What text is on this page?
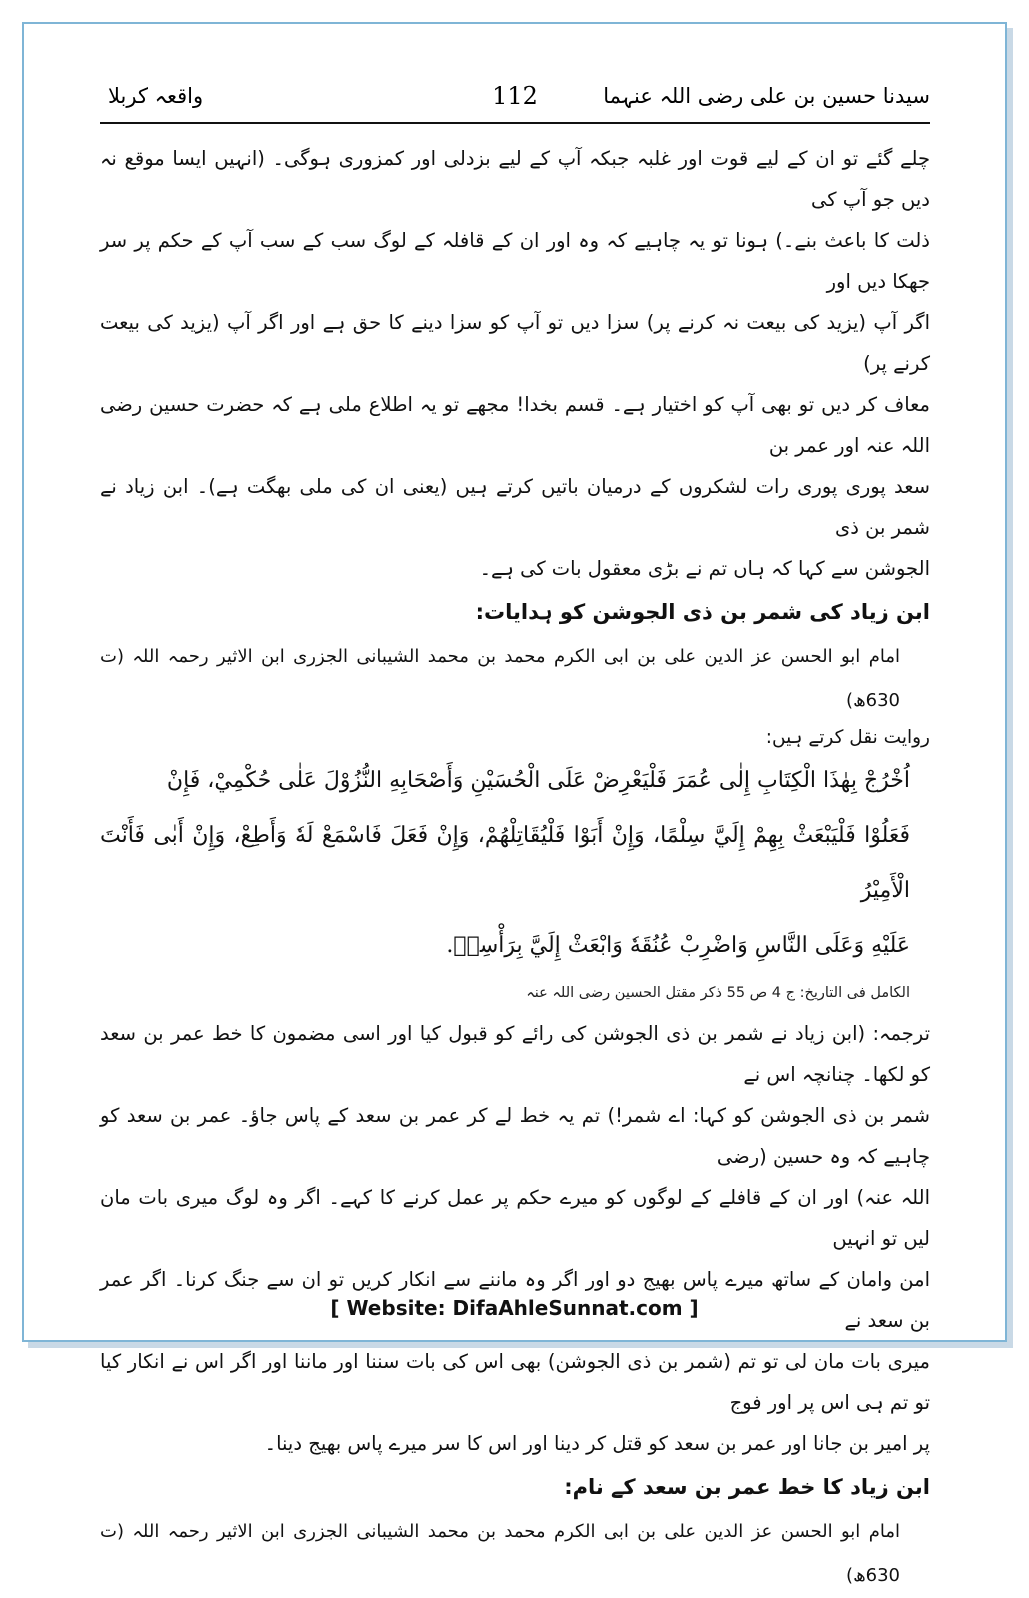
سیدنا حسین بن علی رضی اللہ عنہما
112
واقعہ کربلا

چلے گئے تو ان کے لیے قوت اور غلبہ جبکہ آپ کے لیے بزدلی اور کمزوری ہوگی۔ (انہیں ایسا موقع نہ دیں جو آپ کی

ذلت کا باعث بنے۔) ہونا تو یہ چاہیے کہ وہ اور ان کے قافلہ کے لوگ سب کے سب آپ کے حکم پر سر جھکا دیں اور

اگر آپ (یزید کی بیعت نہ کرنے پر) سزا دیں تو آپ کو سزا دینے کا حق ہے اور اگر آپ (یزید کی بیعت کرنے پر)

معاف کر دیں تو بھی آپ کو اختیار ہے۔ قسم بخدا! مجھے تو یہ اطلاع ملی ہے کہ حضرت حسین رضی اللہ عنہ اور عمر بن

سعد پوری پوری رات لشکروں کے درمیان باتیں کرتے ہیں (یعنی ان کی ملی بھگت ہے)۔ ابن زیاد نے شمر بن ذی

الجوشن سے کہا کہ ہاں تم نے بڑی معقول بات کی ہے۔

ابن زیاد کی شمر بن ذی الجوشن کو ہدایات:

امام ابو الحسن عز الدین علی بن ابی الکرم محمد بن محمد الشیبانی الجزری ابن الاثیر رحمہ اللہ (ت 630ھ)

روایت نقل کرتے ہیں:

اُخْرُجْ بِهٰذَا الْكِتَابِ إِلٰى عُمَرَ فَلْيَعْرِضْ عَلَى الْحُسَيْنِ وَأَصْحَابِهِ النُّزُوْلَ عَلٰى حُكْمِيْ، فَإِنْ

فَعَلُوْا فَلْيَبْعَثْ بِهِمْ إِلَيَّ سِلْمًا، وَإِنْ أَبَوْا فَلْيُقَاتِلْهُمْ، وَإِنْ فَعَلَ فَاسْمَعْ لَهٗ وَأَطِعْ، وَإِنْ أَبٰى فَأَنْتَ الْأَمِيْرُ

عَلَيْهِ وَعَلَى النَّاسِ وَاضْرِبْ عُنُقَهٗ وَابْعَثْ إِلَيَّ بِرَأْسِهٖ.

الکامل فی التاریخ: ج 4 ص 55 ذکر مقتل الحسین رضی اللہ عنہ

ترجمہ: (ابن زیاد نے شمر بن ذی الجوشن کی رائے کو قبول کیا اور اسی مضمون کا خط عمر بن سعد کو لکھا۔ چنانچہ اس نے

شمر بن ذی الجوشن کو کہا: اے شمر!) تم یہ خط لے کر عمر بن سعد کے پاس جاؤ۔ عمر بن سعد کو چاہیے کہ وہ حسین (رضی

اللہ عنہ) اور ان کے قافلے کے لوگوں کو میرے حکم پر عمل کرنے کا کہے۔ اگر وہ لوگ میری بات مان لیں تو انہیں

امن وامان کے ساتھ میرے پاس بھیج دو اور اگر وہ ماننے سے انکار کریں تو ان سے جنگ کرنا۔ اگر عمر بن سعد نے

میری بات مان لی تو تم (شمر بن ذی الجوشن) بھی اس کی بات سننا اور ماننا اور اگر اس نے انکار کیا تو تم ہی اس پر اور فوج

پر امیر بن جانا اور عمر بن سعد کو قتل کر دینا اور اس کا سر میرے پاس بھیج دینا۔

ابن زیاد کا خط عمر بن سعد کے نام:

امام ابو الحسن عز الدین علی بن ابی الکرم محمد بن محمد الشیبانی الجزری ابن الاثیر رحمہ اللہ (ت 630ھ)

[ Website: DifaAhleSunnat.com ]
